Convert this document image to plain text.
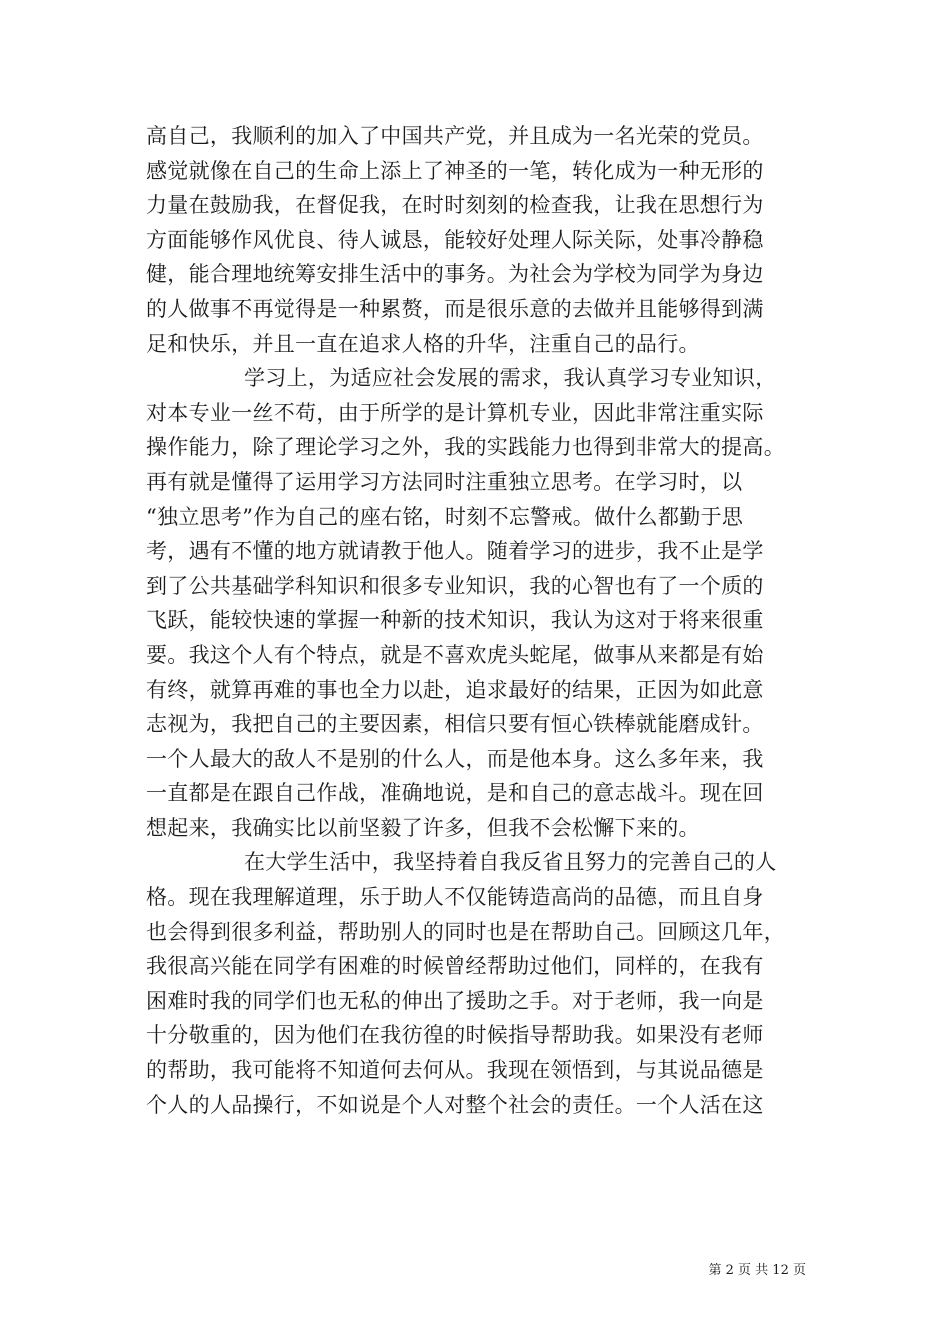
高自己，我顺利的加入了中国共产党，并且成为一名光荣的党员。
感觉就像在自己的生命上添上了神圣的一笔，转化成为一种无形的
力量在鼓励我，在督促我，在时时刻刻的检查我，让我在思想行为
方面能够作风优良、待人诚恳，能较好处理人际关际，处事冷静稳
健，能合理地统筹安排生活中的事务。为社会为学校为同学为身边
的人做事不再觉得是一种累赘，而是很乐意的去做并且能够得到满
足和快乐，并且一直在追求人格的升华，注重自己的品行。
学习上，为适应社会发展的需求，我认真学习专业知识，
对本专业一丝不苟，由于所学的是计算机专业，因此非常注重实际
操作能力，除了理论学习之外，我的实践能力也得到非常大的提高。
再有就是懂得了运用学习方法同时注重独立思考。在学习时，以
“独立思考”作为自己的座右铭，时刻不忘警戒。做什么都勤于思
考，遇有不懂的地方就请教于他人。随着学习的进步，我不止是学
到了公共基础学科知识和很多专业知识，我的心智也有了一个质的
飞跃，能较快速的掌握一种新的技术知识，我认为这对于将来很重
要。我这个人有个特点，就是不喜欢虎头蛇尾，做事从来都是有始
有终，就算再难的事也全力以赴，追求最好的结果，正因为如此意
志视为，我把自己的主要因素，相信只要有恒心铁棒就能磨成针。
一个人最大的敌人不是别的什么人，而是他本身。这么多年来，我
一直都是在跟自己作战，准确地说，是和自己的意志战斗。现在回
想起来，我确实比以前坚毅了许多，但我不会松懈下来的。
在大学生活中，我坚持着自我反省且努力的完善自己的人
格。现在我理解道理，乐于助人不仅能铸造高尚的品德，而且自身
也会得到很多利益，帮助别人的同时也是在帮助自己。回顾这几年，
我很高兴能在同学有困难的时候曾经帮助过他们，同样的，在我有
困难时我的同学们也无私的伸出了援助之手。对于老师，我一向是
十分敬重的，因为他们在我彷徨的时候指导帮助我。如果没有老师
的帮助，我可能将不知道何去何从。我现在领悟到，与其说品德是
个人的人品操行，不如说是个人对整个社会的责任。一个人活在这
第 2 页 共 12 页
